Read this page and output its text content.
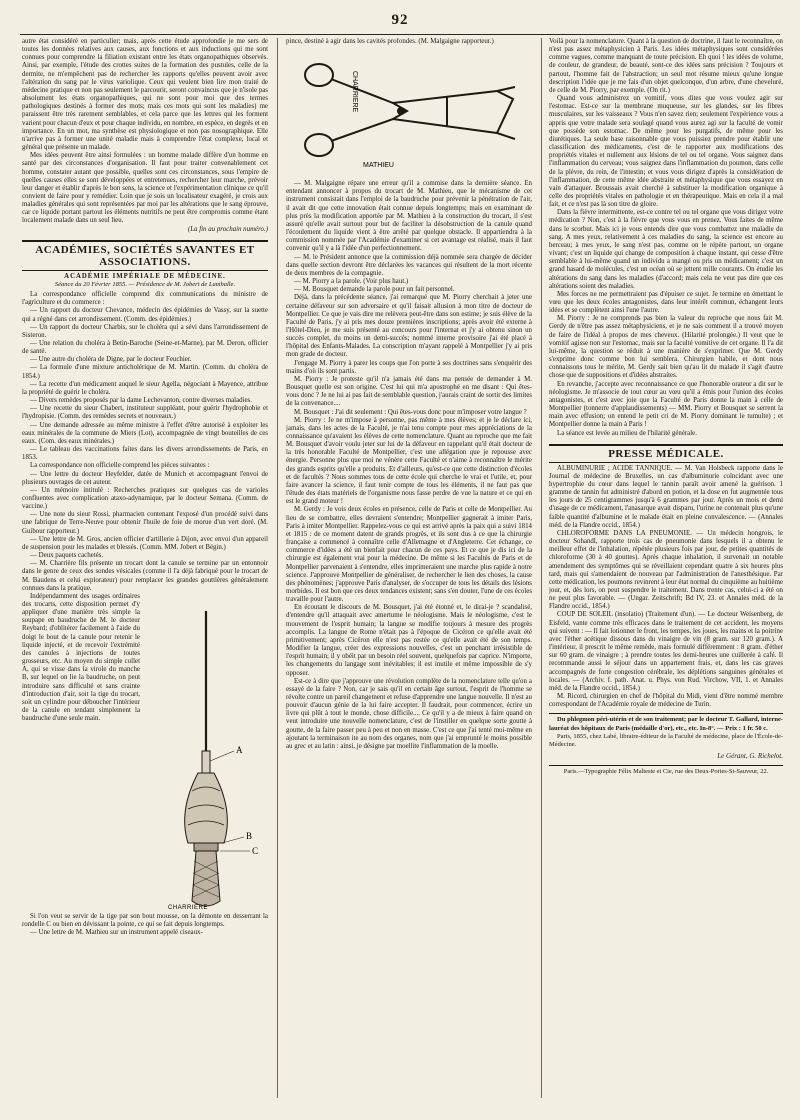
92

autre état considéré en particulier; mais, après cette étude approfondie je me sers de toutes les données relatives aux causes, aux fonctions et aux inductions qui me sont connues pour comprendre la filiation existant entre les états organopathiques observés. Ainsi, par exemple, l'étude des crottes suites de la formation des pustules, celle de la dermite, ne m'empêchent pas de rechercher les rapports qu'elles peuvent avoir avec l'altération du sang par le virus variolique. Ceux qui veulent bien lire mon traité de médecine pratique et non pas seulement le parcourir, seront convaincus que je n'isole pas absolument les états organopathiques, qui ne sont pour moi que des termes pathologiques destinés à former des mots; mais ces mots qui sont les maladies) me paraissent être très rarement semblables, et cela parce que les lettres qui les forment varient pour chacun d'eux et pour chaque individu, en nombre, en espèce, en degrés et en importance. En un mot, ma synthèse est physiologique et non pas nosographique. Elle n'arrive pas à former une unité maladie mais à comprendre l'état complexe, local et général que présente un malade.

Mes idées peuvent être ainsi formulées : un homme malade diffère d'un homme en santé par des circonstances d'organisation. Il faut pour traiter convenablement cet homme, constater autant que possible, quelles sont ces circonstances, sous l'empire de quelles causes elles se sont développées et entretenues, rechercher leur marche, prévoir leur danger et établir d'après le bon sens, la science et l'expérimentation clinique ce qu'il convient de faire pour y remédier. Loin que je sois un localisateur exagéré, je crois aux maladies générales qui sont représentées par moi par les altérations que le sang éprouve, car ce liquide portant partout les éléments nutritifs ne peut être compromis comme étant localement malade dans un seul lieu.

(La fin au prochain numéro.)

ACADÉMIES, SOCIÉTÉS SAVANTES ET ASSOCIATIONS.
ACADÉMIE IMPÉRIALE DE MÉDECINE.
Séance du 20 Février 1855. — Présidence de M. Jobert de Lamballe.

La correspondance officielle comprend dix communications du ministre de l'agriculture et du commerce :

— Un rapport du docteur Chevance, médecin des épidémies de Vassy, sur la suette qui a régné dans cet arrondissement. (Comm. des épidémies.)

— Un rapport du docteur Charbis, sur le choléra qui a sévi dans l'arrondissement de Sisteron.

— Une relation du choléra à Betin-Baroche (Seine-et-Marne), par M. Deron, officier de santé.

— Une autre du choléra de Digne, par le docteur Feuchier.

— La formule d'une mixture anticholérique de M. Martin. (Comm. du choléra de 1854.)

— La recette d'un médicament auquel le sieur Agella, négociant à Mayence, attribue la propriété de guérir le choléra.

— Divers remèdes proposés par la dame Lechevanton, contre diverses maladies.

— Une recette du sieur Chabert, instituteur suppléant, pour guérir l'hydrophobie et l'hydropisie. (Comm. des remèdes secrets et nouveaux.)

— Une demande adressée au même ministre à l'effet d'être autorisé à exploiter les eaux minérales de la commune de Miers (Lot), accompagnée de vingt bouteilles de ces eaux. (Com. des eaux minérales.)

— Le tableau des vaccinations faites dans les divers arrondissements de Paris, en 1853.

La correspondance non officielle comprend les pièces suivantes :

— Une lettre du docteur Heyfelder, datée de Munich et accompagnant l'envoi de plusieurs ouvrages de cet auteur.

— Un mémoire intitulé : Recherches pratiques sur quelques cas de varioles confluentes avec complication ataxo-adynamique, par le docteur Semana. (Comm. de vaccine.)

— Une note du sieur Rossi, pharmacien contenant l'exposé d'un procédé suivi dans une fabrique de Terre-Neuve pour obtenir l'huile de foie de morue d'un vert doré. (M. Guibour rapporteur.)

— Une lettre de M. Gros, ancien officier d'artillerie à Dijon, avec envoi d'un appareil de suspension pour les malades et blessés. (Comm. MM. Jobert et Bégin.)

— Deux paquets cachetés.

— M. Charrière fils présente un trocart dont la canule se termine par un entonnoir dans le genre de ceux des sondes vésicales (comme il l'a déjà fabriqué pour le trocart de M. Baudens et celui explorateur) pour remplacer les grandes gouttières généralement connues dans la pratique.

Indépendamment des usages ordinaires des trocarts, cette disposition permet d'y appliquer d'une manière très simple la soupape en baudruche de M. le docteur Reybard; d'oblitérer facilement à l'aide du doigt le bout de la canule pour retenir le liquide injecté, et de recevoir l'extrémité des canules à injections de toutes grosseurs, etc. Au moyen du simple collet A, qui se visse dans la virole du manche B, sur lequel on lie la baudruche, on peut introduire sans difficulté et sans crainte d'introduction d'air, soit la tige du trocart, soit un cylindre pour déboucher l'intérieur de la canule en tendant simplement la baudruche d'une seule main.

A
B
C
CHARRIERE

Si l'on veut se servir de la tige par son bout mousse, on la démonte en desserrant la rondelle C ou bien en dévissant la pointe, ce qui se fait depuis longtemps.

— Une lettre de M. Mathieu sur un instrument appelé ciseaux-

pince, destiné à agir dans les cavités profondes. (M. Malgaigne rapporteur.)

CHARRIERE
MATHIEU

— M. Malgaigne répare une erreur qu'il a commise dans la dernière séance. En entendant annoncer à propos du trocart de M. Mathieu, que le mécanisme de cet instrument consistait dans l'emploi de la baudruche pour prévenir la pénétration de l'air, il avait dit que cette innovation était connue depuis longtemps; mais en examinant de plus près la modification apportée par M. Mathieu à la construction du trocart, il s'est assuré qu'elle avait surtout pour but de faciliter la désobstruction de la canule quand l'écoulement du liquide vient à être arrêté par quelque obstacle. Il appartiendra à la commission nommée par l'Académie d'examiner si cet avantage est réalisé, mais il faut convenir qu'il y a là l'idée d'un perfectionnement.

— M. le Président annonce que la commission déjà nommée sera chargée de décider dans quelle section devront être déclarées les vacances qui résultent de la mort récente de deux membres de la compagnie.

— M. Piorry a la parole. (Voir plus haut.)

— M. Bousquet demande la parole pour un fait personnel.

Déjà, dans la précédente séance, j'ai remarqué que M. Piorry cherchait à jeter une certaine défaveur sur son adversaire et qu'il faisait allusion à mon titre de docteur de Montpellier. Ce que je vais dire me relèvera peut-être dans son estime; je suis élève de la Faculté de Paris, j'y ai pris mes douze premières inscriptions; après avoir été externe à l'Hôtel-Dieu, je me suis présenté au concours pour l'internat et j'y ai obtenu sinon un succès complet, du moins un demi-succès; nommé interne provisoire j'ai été placé à l'hôpital des Enfants-Malades. La conscription m'ayant rappelé à Montpellier j'y ai pris mon grade de docteur.

J'engage M. Piorry à parer les coups que l'on porte à ses doctrines sans s'enquérir des mains d'où ils sont partis.

M. Piorry : Je proteste qu'il n'a jamais été dans ma pensée de demander à M. Bousquet quelle est son origine. C'est lui qui m'a apostrophé en me disant : Qui êtes-vous donc ? Je ne lui ai pas fait de semblable question, j'aurais craint de sortir des limites de la convenance....

M. Bousquet : J'ai dit seulement : Qui êtes-vous donc pour m'imposer votre langue ?

M. Piorry : Je ne m'impose à personne, pas même à mes élèves; et je le déclare ici, jamais, dans les actes de la Faculté, je n'ai tenu compte pour mes appréciations de la connaissance qu'avaient les élèves de cette nomenclature. Quant au reproche que me fait M. Bousquet d'avoir voulu jeter sur lui de la défaveur en rappelant qu'il était docteur de la très honorable Faculté de Montpellier, c'est une allégation que je repousse avec énergie. Personne plus que moi ne vénère cette Faculté et n'aime à reconnaître le mérite des grands esprits qu'elle a produits. Et d'ailleurs, qu'est-ce que cette distinction d'écoles et de facultés ? Nous sommes tous de cette école qui cherche le vrai et l'utile, et, pour faire avancer la science, il faut tenir compte de tous les éléments, il ne faut pas que l'étude des états matériels de l'organisme nous fasse perdre de vue la nature et ce qui en est le grand moteur !

M. Gerdy : Je vois deux écoles en présence, celle de Paris et celle de Montpellier. Au lieu de se combattre, elles devraient s'entendre; Montpellier gagnerait à imiter Paris, Paris à imiter Montpellier. Rappelez-vous ce qui est arrivé après la paix qui a suivi 1814 et 1815 : de ce moment datent de grands progrès, et ils sont dus à ce que la chirurgie française a commencé à connaître celle d'Allemagne et d'Angleterre. Cet échange, ce commerce d'idées a été un bienfait pour chacun de ces pays. Et ce que je dis ici de la chirurgie est également vrai pour la médecine. De même si les Facultés de Paris et de Montpellier parvenaient à s'entendre, elles imprimeraient une marche plus rapide à notre science. J'approuve Montpellier de généraliser, de rechercher le lien des choses, la cause des phénomènes; j'approuve Paris d'analyser, de s'occuper de tous les détails des lésions morbides. Il est bon que ces deux tendances existent; sans s'en douter, l'une de ces écoles travaille pour l'autre.

En écoutant le discours de M. Bousquet, j'ai été étonné et, le dirai-je ? scandalisé, d'entendre qu'il attaquait avec amertume le néologisme. Mais le néologisme, c'est le mouvement de l'esprit humain; la langue se modifie toujours à mesure des progrès accomplis. La langue de Rome n'était pas à l'époque de Cicéron ce qu'elle avait été primitivement; après Cicéron elle n'est pas restée ce qu'elle avait été de son temps. Modifier la langue, créer des expressions nouvelles, c'est un penchant irrésistible de l'esprit humain; il y obéit par un besoin réel souvent, quelquefois par caprice. N'importe, les changements du langage sont inévitables; il est inutile et même impossible de s'y opposer.

Est-ce à dire que j'approuve une révolution complète de la nomenclature telle qu'on a essayé de la faire ? Non, car je sais qu'il en certain âge surtout, l'esprit de l'homme se révolte contre un pareil changement et refuse d'apprendre une langue nouvelle. Il n'est au pouvoir d'aucun génie de la lui faire accepter. Il faudrait, pour commencer, écrire un livre qui plût à tout le monde, chose difficile.... Ce qu'il y a de mieux à faire quand on veut introduire une nouvelle nomenclature, c'est de l'instiller en quelque sorte goutte à goutte, de la faire passer peu à peu et non en masse. C'est ce que j'ai tenté moi-même en ajoutant la terminaison ite au nom des organes, nom que j'ai emprunté le moins possible au grec et au latin : ainsi, je désigne par moellite l'inflammation de la moelle.

Voilà pour la nomenclature. Quant à la question de doctrine, il faut le reconnaître, on n'est pas assez métaphysicien à Paris. Les idées métaphysiques sont considérées comme vagues, comme manquant de toute précision. Eh quoi ! les idées de volume, de couleur, de grandeur, de beauté, sont-ce des idées sans précision ? Toujours et partout, l'homme fait de l'abstraction; un seul mot résume mieux qu'une longue description l'idée que je me fais d'un objet quelconque, d'un arbre, d'une cheveluré, de celle de M. Piorry, par exemple. (On rit.)

Quand vous administrez un vomitif, vous dites que vous voulez agir sur l'estomac. Est-ce sur la membrane muqueuse, sur les glandes, sur les fibres musculaires, sur les vaisseaux ? Vous n'en savez rien; seulement l'expérience vous a appris que votre malade sera soulagé quand vous aurez agi sur la faculté de vomir que possède son estomac. De même pour les purgatifs, de même pour les diurétiques. La seule base raisonnable que vous puissiez prendre pour établir une classification des médicaments, c'est de le rapporter aux modifications des propriétés vitales et nullement aux lésions de tel ou tel organe. Vous saignez dans l'inflammation du cerveau; vous saignez dans l'inflammation du poumon, dans celle de la plèvre, du rein, de l'intestin; et vous vous dirigez d'après la considération de l'inflammation, de cette même idée abstraite et métaphysique que vous essayez en vain d'attaquer. Broussais avait cherché à substituer la modification organique à celle des propriétés vitales en pathologie et en thérapeutique. Mais en cela il a mal fait, et ce n'est pas là son titre de gloire.

Dans la fièvre intermittente, est-ce contre tel ou tel organe que vous dirigez votre médication ? Non, c'est à la fièvre que vous vous en prenez. Vous faites de même dans le scorbut. Mais ici je vous entends dire que vous combattez une maladie du sang. A mes yeux, relativement à ces maladies du sang, la science est encore au berceau; à mes yeux, le sang n'est pas, comme on le répète partout, un organe vivant; c'est un liquide qui change de composition à chaque instant, qui cesse d'être semblable à lui-même quand un individu a mangé ou pris un médicament; c'est un grand hasard de molécules, c'est un océan où se jettent mille courants. On étudie les altérations du sang dans les maladies (d'accord; mais cela ne veut pas dire que ces altérations soient des maladies.

Mes forces ne me permettraient pas d'épuiser ce sujet. Je termine en émettant le vœu que les deux écoles antagonistes, dans leur intérêt commun, échangent leurs idées et se complètent ainsi l'une l'autre.

M. Piorry : Je ne comprends pas bien la valeur du reproche que nous fait M. Gerdy de n'être pas assez métaphysiciens, et je ne sais comment il a trouvé moyen de faire de l'idéal à propos de mes cheveux. (Hilarité prolongée.) Il veut que le vomitif agisse non sur l'estomac, mais sur la faculté vomitive de cet organe. Il l'a dit lui-même, la question se réduit à une manière de s'exprimer. Que M. Gerdy s'exprime donc comme bon lui semblera. Chirurgien habile, et dont nous connaissons tous le mérite, M. Gerdy sait bien qu'au lit du malade il s'agit d'autre chose que de suppositions et d'idées abstraites.

En revanche, j'accepte avec reconnaissance ce que l'honorable orateur a dit sur le néologisme. Je m'associe de tout cœur au vœu qu'il a émis pour l'union des écoles antagonistes, et c'est avec joie que la Faculté de Paris donne la main à celle de Montpellier (tonnerre d'applaudissements) — MM. Piorry et Bousquet se serrent la main avec effusion; on entend le petit cri de M. Piorry dominant le tumulte) ; et Montpellier donne la main à Paris !

La séance est levée au milieu de l'hilarité générale.

PRESSE MÉDICALE.

ALBUMINURIE ; ACIDE TANNIQUE. — M. Van Holsbeck rapporte dans le Journal de médecine de Bruxelles, un cas d'albuminurie coïncidant avec une hypertrophie du cœur dans lequel le tannin paraît avoir amené la guérison. 1 gramme de tannin fut administré d'abord en potion, et la dose en fut augmentée tous les jours de 25 centigrammes jusqu'à 6 grammes par jour. Après un mois et demi d'usage de ce médicament, l'anasarque avait disparu, l'urine ne contenait plus qu'une faible quantité d'albumine et le malade était en pleine convalescence. — (Annales méd. de la Flandre occid., 1854.)

CHLOROFORME DANS LA PNEUMONIE. — Un médecin hongrois, le docteur Sohandl, rapporte trois cas de pneumonie dans lesquels il a obtenu le meilleur effet de l'inhalation, répétée plusieurs fois par jour, de petites quantités de chloroforme (30 à 40 gouttes). Après chaque inhalation, il survenait un notable amendement des symptômes qui se réveillaient cependant quatre à six heures plus tard, mais qui s'amendaient de nouveau par l'administration de l'anesthésique. Par cette médication, les poumons revinrent à leur état normal du cinquième au huitième jour, et, dès lors, on peut suspendre le traitement. Dans trente cas, celui-ci a été on ne peut plus favorable. — (Ungar. Zeitschrift; Bd IV, 23. et Annales méd. de la Flandre occid., 1854.)

COUP DE SOLEIL (insolatio) (Traitement d'un). — Le docteur Weisenberg, de Eisfeld, vante comme très efficaces dans le traitement de cet accident, les moyens qui suivent : — Il fait lotionner le front, les tempes, les joues, les mains et la poitrine avec l'éther acétique dissous dans du vinaigre de vin (8 gram. sur 120 gram.). A l'intérieur, il prescrit le même remède, mais formulé différemment : 8 gram. d'éther sur 60 gram. de vinaigre ; à prendre toutes les demi-heures une cuillerée à café. Il recommande aussi le séjour dans un appartement frais, et, dans les cas graves accompagnés de forte congestion cérébrale, les déplétions sanguines générales et locales. — (Archiv. f. path. Anat. u. Phys. von Rud. Virchow, VII, 1. et Annales méd. de la Flandre occid., 1854.)

M. Ricord, chirurgien en chef de l'hôpital du Midi, vient d'être nommé membre correspondant de l'Académie royale de médecine de Turin.

Du phlegmon péri-utérin et de son traitement; par le docteur T. Gallard, interne-lauréat des hôpitaux de Paris (médaille d'or), etc., etc. In-8°. — Prix : 1 fr. 50 c.

Paris, 1855, chez Labé, libraire-éditeur de la Faculté de médecine, place de l'École-de-Médecine.

Le Gérant, G. Richelot.
Paris.—Typographie Félix Malteste et Cie, rue des Deux-Portes-St-Sauveur, 22.
